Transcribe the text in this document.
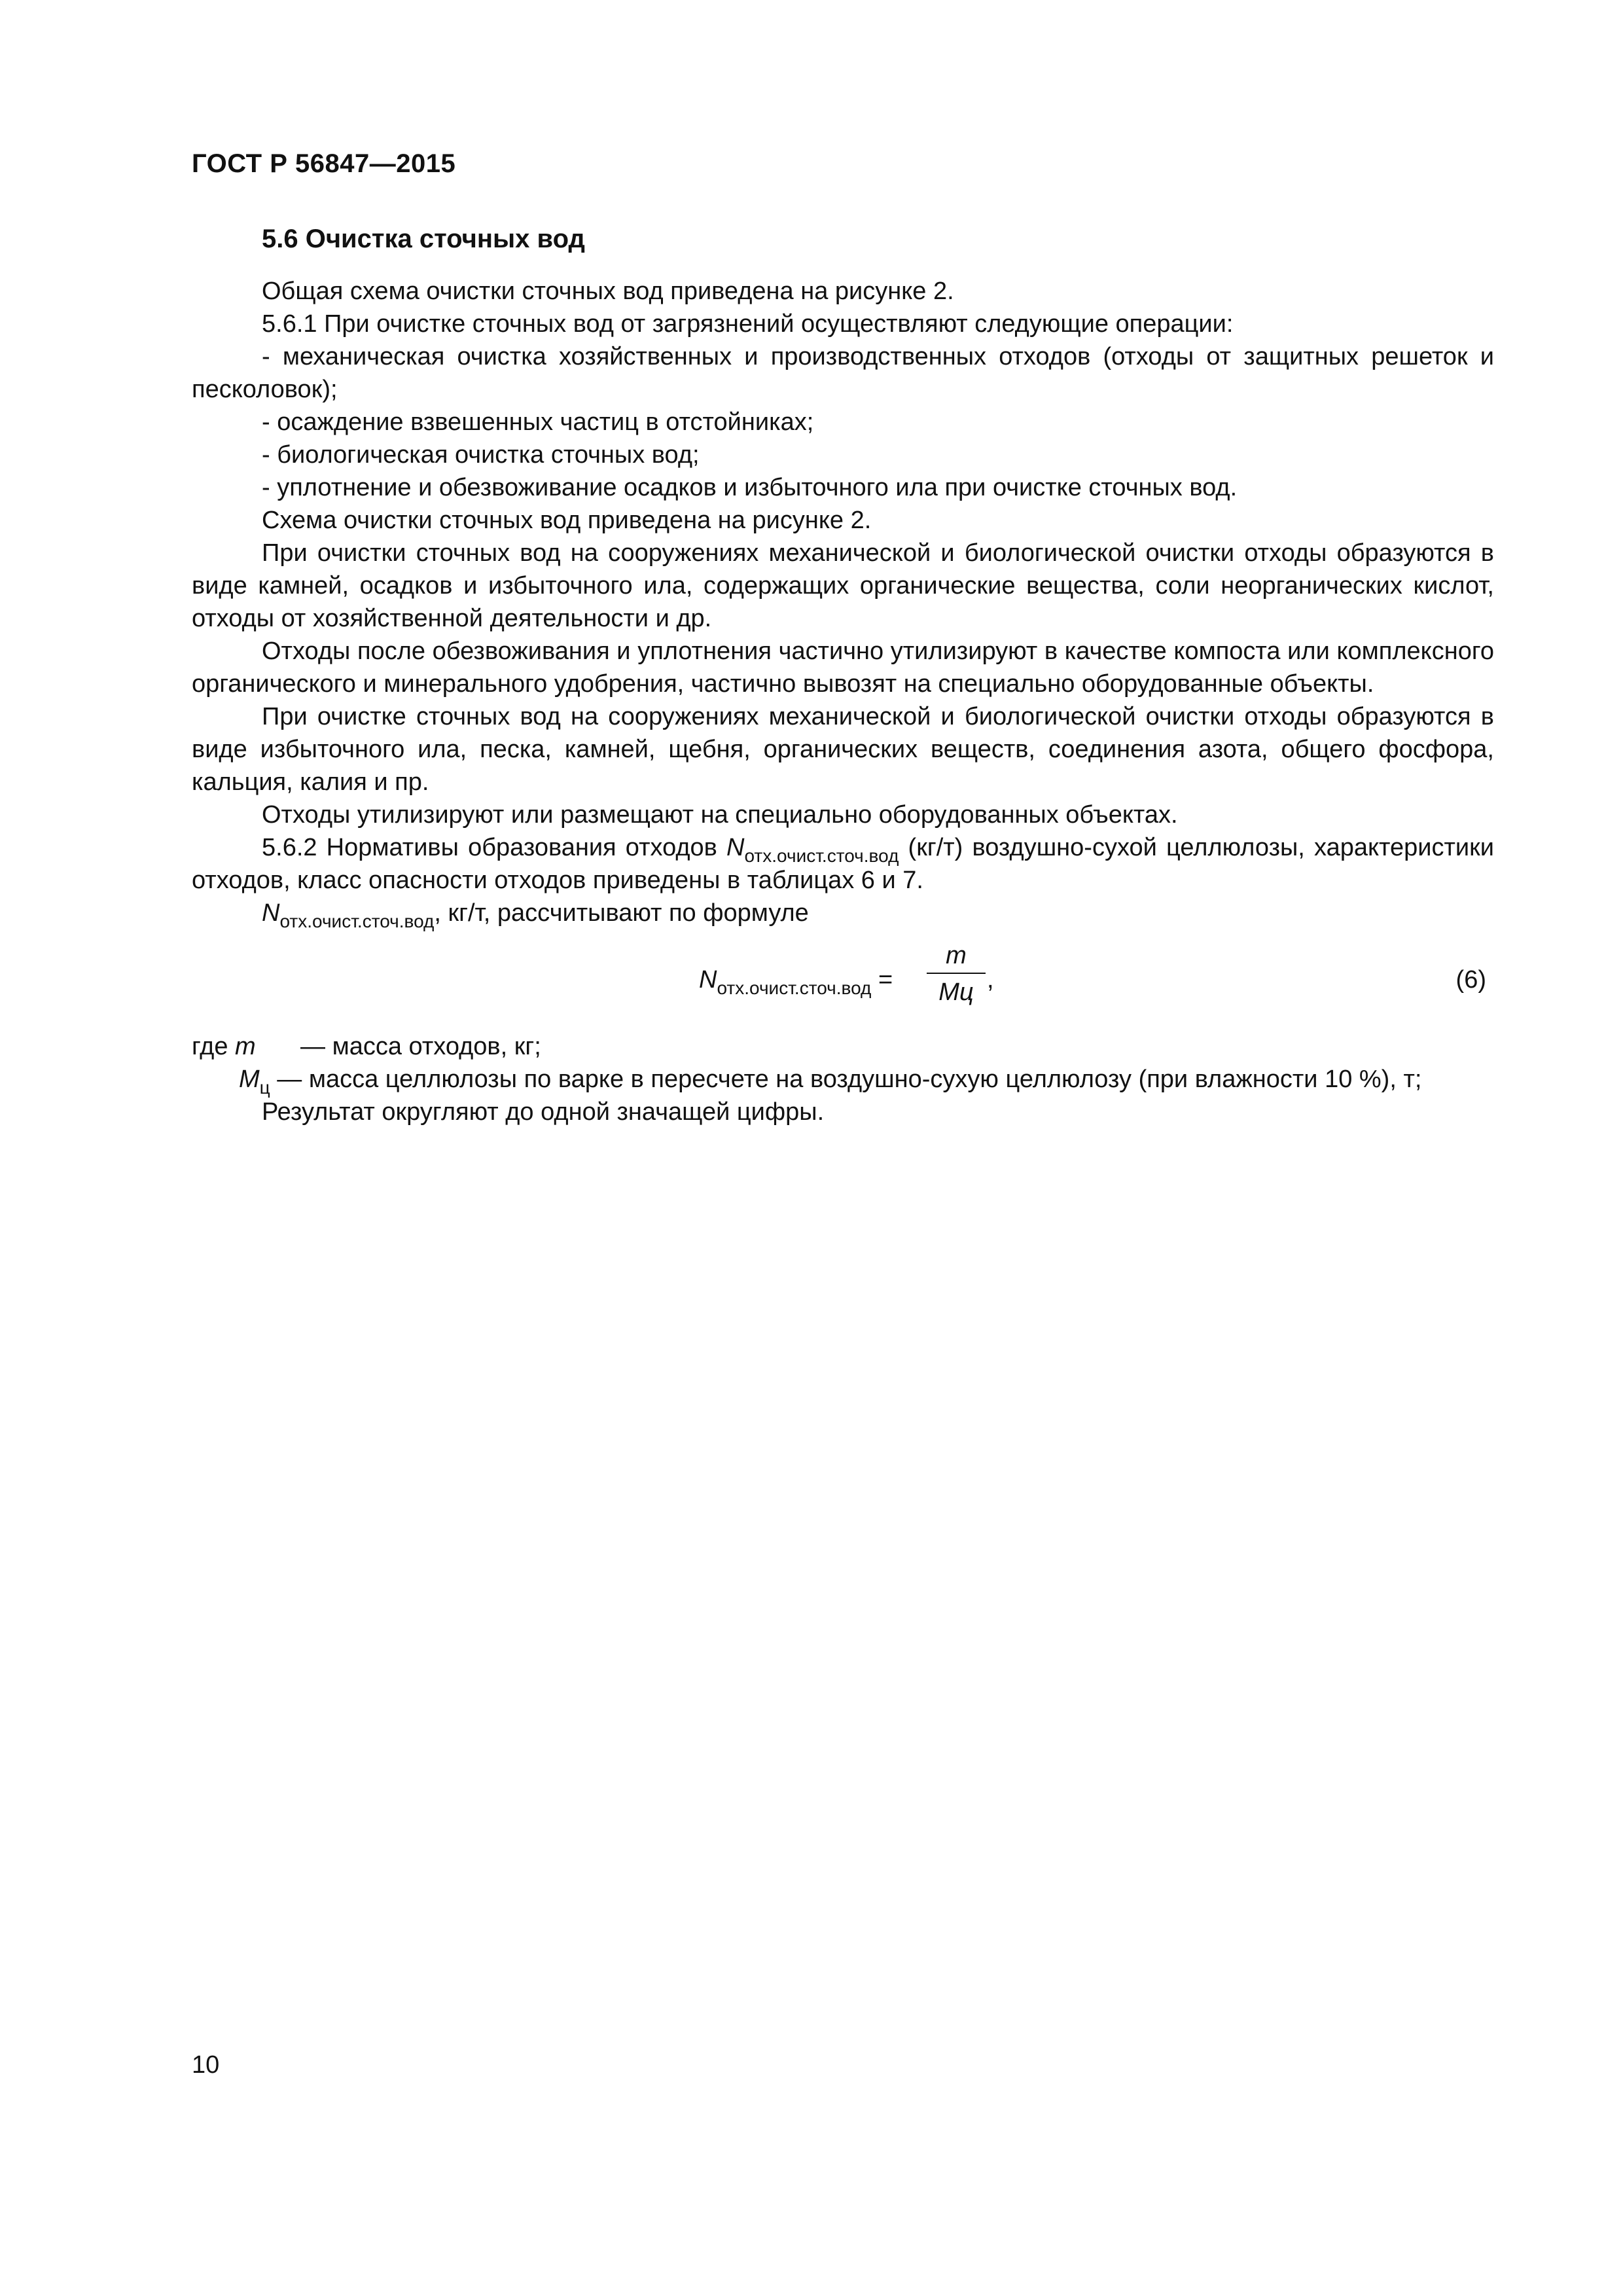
ГОСТ Р 56847—2015
5.6 Очистка сточных вод

Общая схема очистки сточных вод приведена на рисунке 2.

5.6.1 При очистке сточных вод от загрязнений осуществляют следующие операции:

- механическая очистка хозяйственных и производственных отходов (отходы от защитных решеток и песколовок);

- осаждение взвешенных частиц в отстойниках;

- биологическая очистка сточных вод;

- уплотнение и обезвоживание осадков и избыточного ила при очистке сточных вод.

Схема очистки сточных вод приведена на рисунке 2.

При очистки сточных вод на сооружениях механической и биологической очистки отходы образуются в виде камней, осадков и избыточного ила, содержащих органические вещества, соли неорганических кислот, отходы от хозяйственной деятельности и др.

Отходы после обезвоживания и уплотнения частично утилизируют в качестве компоста или комплексного органического и минерального удобрения, частично вывозят на специально оборудованные объекты.

При очистке сточных вод на сооружениях механической и биологической очистки отходы образуются в виде избыточного ила, песка, камней, щебня, органических веществ, соединения азота, общего фосфора, кальция, калия и пр.

Отходы утилизируют или размещают на специально оборудованных объектах.

5.6.2 Нормативы образования отходов $N_{отх.очист.сточ.вод}$ (кг/т) воздушно-сухой целлюлозы, характеристики отходов, класс опасности отходов приведены в таблицах 6 и 7.

$N_{отх.очист.сточ.вод}$, кг/т, рассчитывают по формуле

$N_{отх.очист.сточ.вод}$ =
m
Мц ,	(6)

где m — масса отходов, кг;

$M_ц$ — масса целлюлозы по варке в пересчете на воздушно-сухую целлюлозу (при влажности 10 %), т;

Результат округляют до одной значащей цифры.

10
